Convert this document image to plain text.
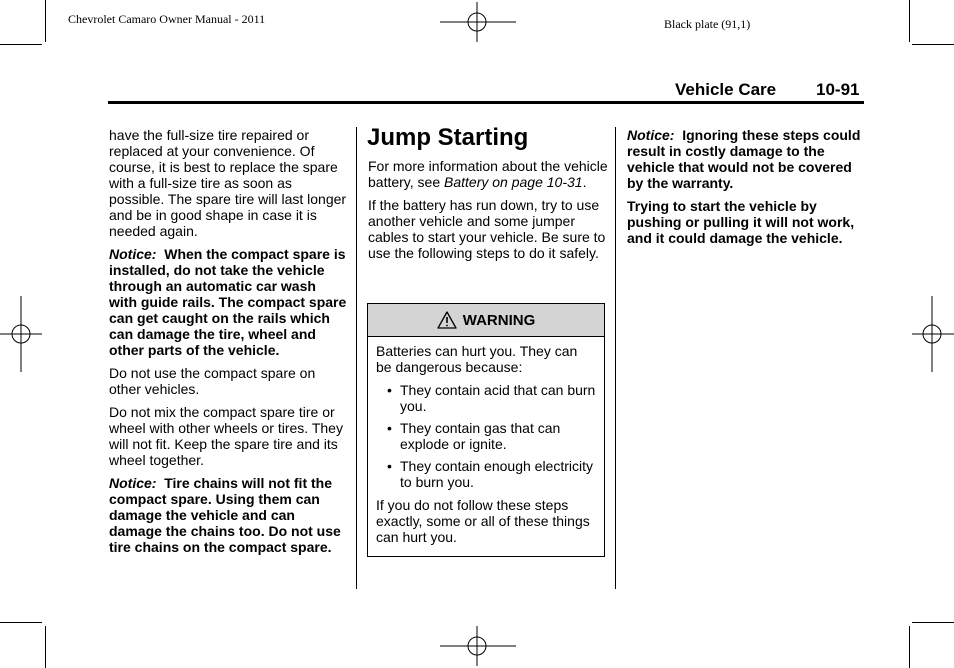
Chevrolet Camaro Owner Manual - 2011	Black plate (91,1)
Vehicle Care 10-91

have the full-size tire repaired or replaced at your convenience. Of course, it is best to replace the spare with a full-size tire as soon as possible. The spare tire will last longer and be in good shape in case it is needed again.

Notice: When the compact spare is installed, do not take the vehicle through an automatic car wash with guide rails. The compact spare can get caught on the rails which can damage the tire, wheel and other parts of the vehicle.

Do not use the compact spare on other vehicles.

Do not mix the compact spare tire or wheel with other wheels or tires. They will not fit. Keep the spare tire and its wheel together.

Notice: Tire chains will not fit the compact spare. Using them can damage the vehicle and can damage the chains too. Do not use tire chains on the compact spare.

Jump Starting

For more information about the vehicle battery, see Battery on page 10-31.

If the battery has run down, try to use another vehicle and some jumper cables to start your vehicle. Be sure to use the following steps to do it safely.

WARNING

Batteries can hurt you. They can be dangerous because:

• They contain acid that can burn you.
• They contain gas that can explode or ignite.
• They contain enough electricity to burn you.

If you do not follow these steps exactly, some or all of these things can hurt you.

Notice: Ignoring these steps could result in costly damage to the vehicle that would not be covered by the warranty.

Trying to start the vehicle by pushing or pulling it will not work, and it could damage the vehicle.
